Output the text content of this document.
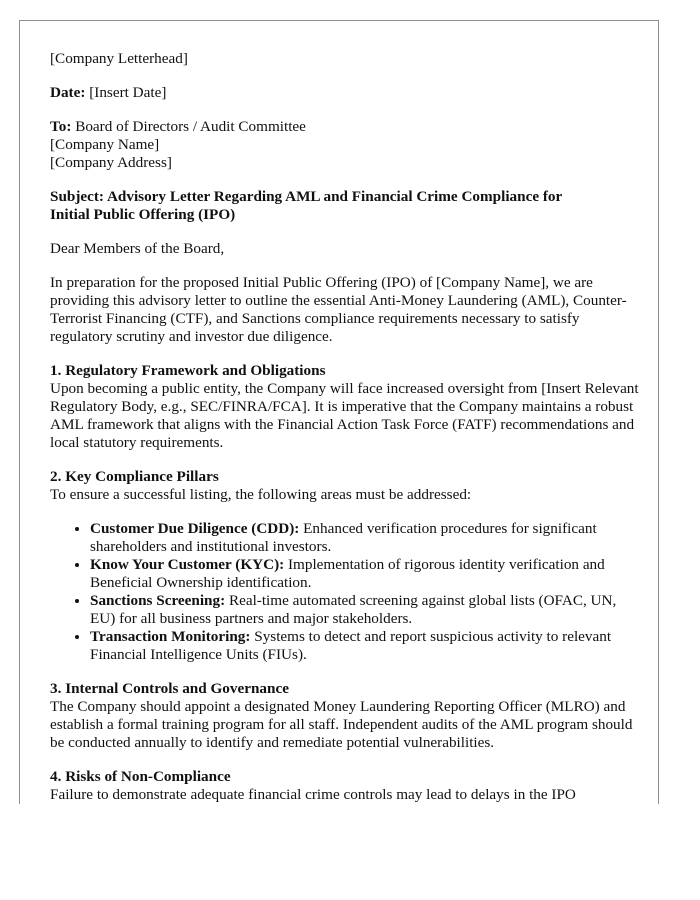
[Company Letterhead]

Date: [Insert Date]

To: Board of Directors / Audit Committee
[Company Name]
[Company Address]

Subject: Advisory Letter Regarding AML and Financial Crime Compliance for
Initial Public Offering (IPO)

Dear Members of the Board,

In preparation for the proposed Initial Public Offering (IPO) of [Company Name], we are providing this advisory letter to outline the essential Anti-Money Laundering (AML), Counter-Terrorist Financing (CTF), and Sanctions compliance requirements necessary to satisfy regulatory scrutiny and investor due diligence.

1. Regulatory Framework and Obligations
Upon becoming a public entity, the Company will face increased oversight from [Insert Relevant Regulatory Body, e.g., SEC/FINRA/FCA]. It is imperative that the Company maintains a robust AML framework that aligns with the Financial Action Task Force (FATF) recommendations and local statutory requirements.

2. Key Compliance Pillars
To ensure a successful listing, the following areas must be addressed:

• Customer Due Diligence (CDD): Enhanced verification procedures for significant shareholders and institutional investors.
• Know Your Customer (KYC): Implementation of rigorous identity verification and Beneficial Ownership identification.
• Sanctions Screening: Real-time automated screening against global lists (OFAC, UN, EU) for all business partners and major stakeholders.
• Transaction Monitoring: Systems to detect and report suspicious activity to relevant Financial Intelligence Units (FIUs).

3. Internal Controls and Governance
The Company should appoint a designated Money Laundering Reporting Officer (MLRO) and establish a formal training program for all staff. Independent audits of the AML program should be conducted annually to identify and remediate potential vulnerabilities.

4. Risks of Non-Compliance
Failure to demonstrate adequate financial crime controls may lead to delays in the IPO
